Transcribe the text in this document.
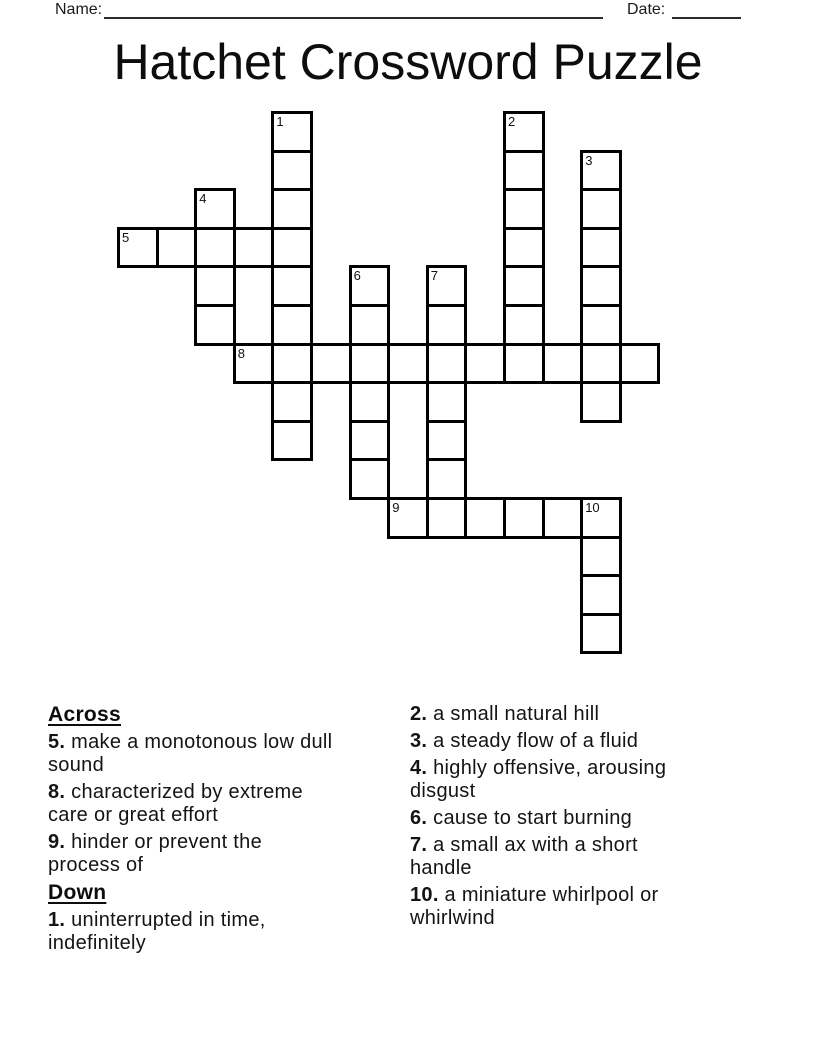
Name:	Date:
Hatchet Crossword Puzzle
1	2
3
4
5
6	7
8
9	10
Across
5. make a monotonous low dull
sound
8. characterized by extreme
care or great effort
9. hinder or prevent the
process of
Down
1. uninterrupted in time,
indefinitely
2. a small natural hill
3. a steady flow of a fluid
4. highly offensive, arousing
disgust
6. cause to start burning
7. a small ax with a short
handle
10. a miniature whirlpool or
whirlwind
